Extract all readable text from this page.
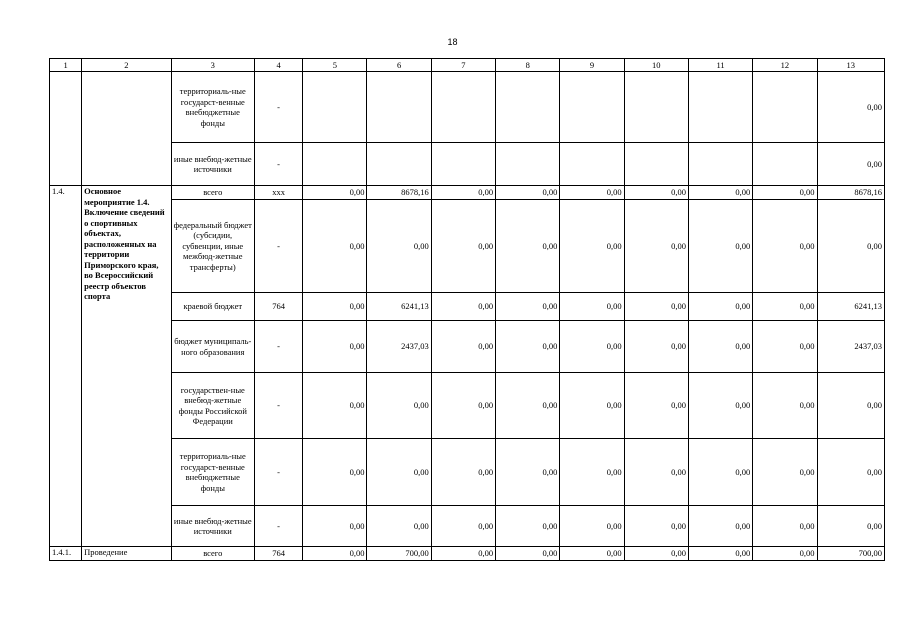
18
1	2	3	4	5	6	7	8	9	10	11	12	13
		территориаль-ные государст-венные внебюджетные фонды	-									0,00
		иные внебюд-жетные источники	-									0,00
1.4.	Основное мероприятие 1.4. Включение сведений о спортивных объектах, расположенных на территории Приморского края, во Всероссийский реестр объектов спорта	всего	ххх	0,00	8678,16	0,00	0,00	0,00	0,00	0,00	0,00	8678,16
		федеральный бюджет (субсидии, субвенции, иные межбюд-жетные трансферты)	-	0,00	0,00	0,00	0,00	0,00	0,00	0,00	0,00	0,00
		краевой бюджет	764	0,00	6241,13	0,00	0,00	0,00	0,00	0,00	0,00	6241,13
		бюджет муниципаль-ного образования	-	0,00	2437,03	0,00	0,00	0,00	0,00	0,00	0,00	2437,03
		государствен-ные внебюд-жетные фонды Российской Федерации	-	0,00	0,00	0,00	0,00	0,00	0,00	0,00	0,00	0,00
		территориаль-ные государст-венные внебюджетные фонды	-	0,00	0,00	0,00	0,00	0,00	0,00	0,00	0,00	0,00
		иные внебюд-жетные источники	-	0,00	0,00	0,00	0,00	0,00	0,00	0,00	0,00	0,00
1.4.1.	Проведение	всего	764	0,00	700,00	0,00	0,00	0,00	0,00	0,00	0,00	700,00
